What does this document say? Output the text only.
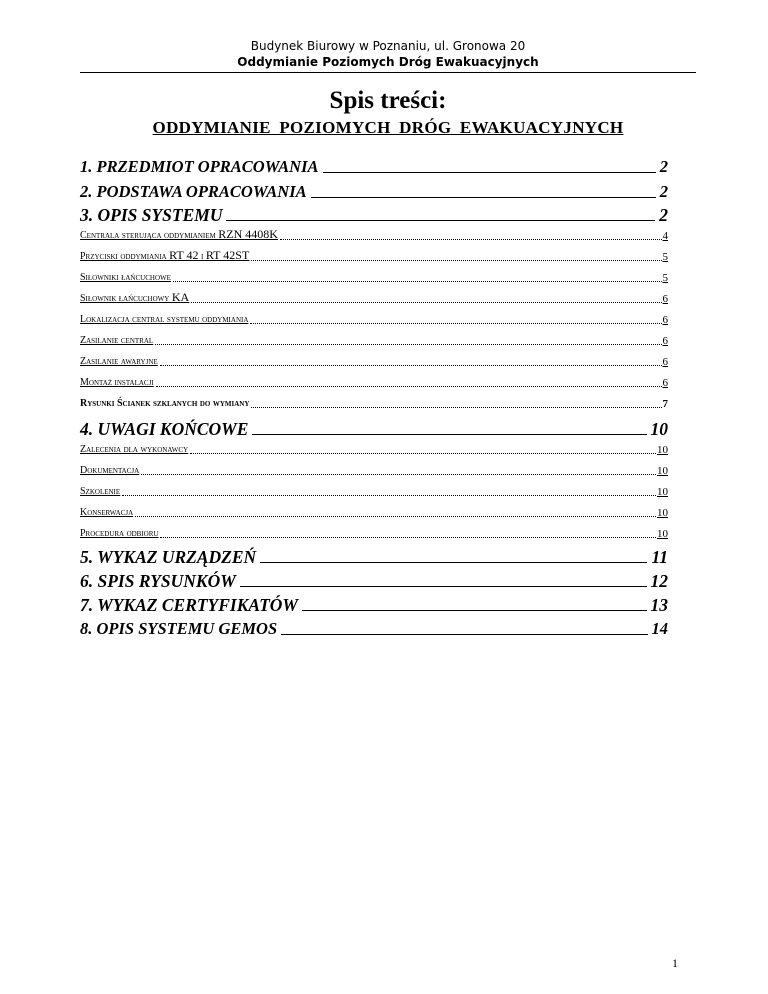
Budynek Biurowy w Poznaniu, ul. Gronowa 20
Oddymianie Poziomych Dróg Ewakuacyjnych
Spis treści:
ODDYMIANIE POZIOMYCH DRÓG EWAKUACYJNYCH
1. PRZEDMIOT OPRACOWANIA	2
2. PODSTAWA OPRACOWANIA	2
3. OPIS SYSTEMU	2
Centrala sterująca oddymianiem RZN 4408K	4
Przyciski oddymiania RT 42 i RT 42ST	5
Siłowniki łańcuchowe	5
Siłownik łańcuchowy KA	6
Lokalizacja central systemu oddymiania	6
Zasilanie central	6
Zasilanie awaryjne	6
Montaż instalacji	6
Rysunki Ścianek szklanych do wymiany	7
4. UWAGI KOŃCOWE	10
Zalecenia dla wykonawcy	10
Dokumentacja	10
Szkolenie	10
Konserwacja	10
Procedura odbioru	10
5. WYKAZ URZĄDZEŃ	11
6. SPIS RYSUNKÓW	12
7. WYKAZ CERTYFIKATÓW	13
8. OPIS SYSTEMU GEMOS	14
1
